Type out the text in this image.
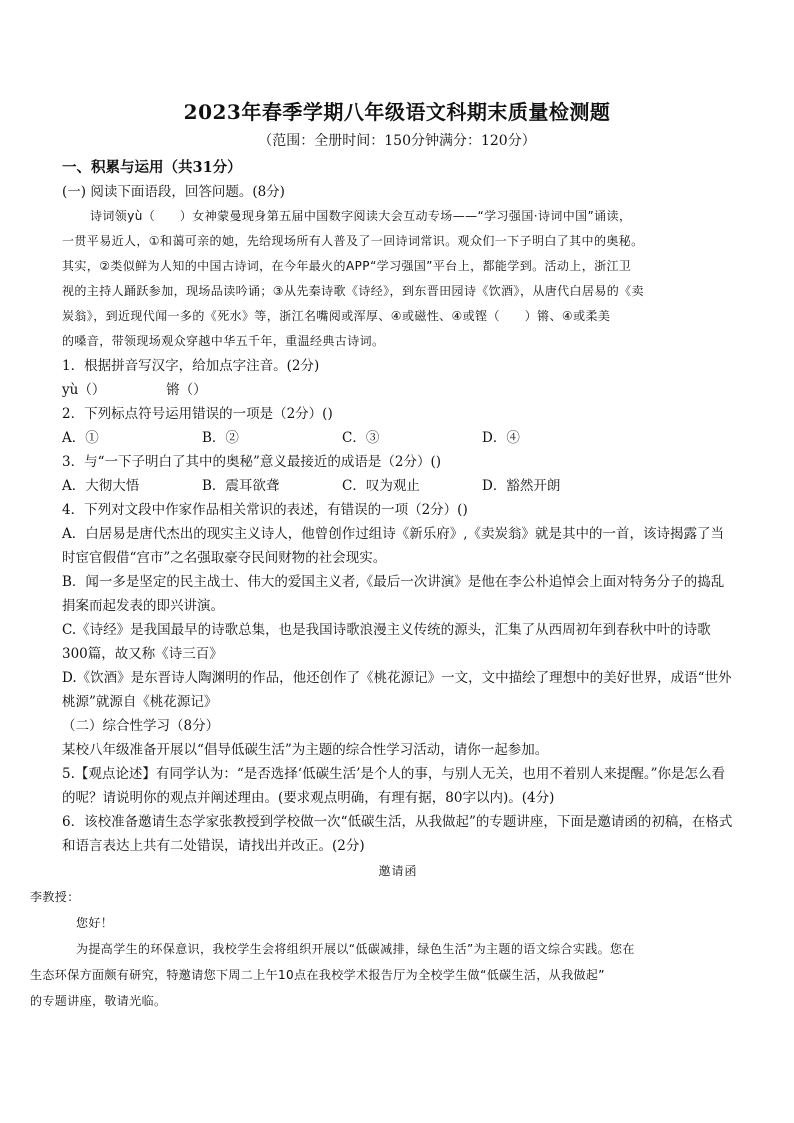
2023年春季学期八年级语文科期末质量检测题
（范围：全册时间：150分钟满分：120分）
一、积累与运用（共31分）
(一) 阅读下面语段，回答问题。(8分)
诗词领yù（　　）女神蒙曼现身第五届中国数字阅读大会互动专场——“学习强国·诗词中国”诵读，
一贯平易近人，①和蔼可亲的她，先给现场所有人普及了一回诗词常识。观众们一下子明白了其中的奥秘。
其实，②类似鲜为人知的中国古诗词，在今年最火的APP“学习强国”平台上，都能学到。活动上，浙江卫
视的主持人踊跃参加，现场品读吟诵；③从先秦诗歌《诗经》，到东晋田园诗《饮酒》，从唐代白居易的《卖
炭翁》，到近现代闻一多的《死水》等，浙江名嘴阅或浑厚、④或磁性、④或铿（　　）锵、④或柔美
的嗓音，带领现场观众穿越中华五千年，重温经典古诗词。
1．根据拼音写汉字，给加点字注音。(2分)
yù（）　　　　　锵（）
2．下列标点符号运用错误的一项是（2分）()
A．①	B．②	C．③	D．④
3．与“一下子明白了其中的奥秘”意义最接近的成语是（2分）()
A．大彻大悟	B．震耳欲聋	C．叹为观止	D．豁然开朗
4．下列对文段中作家作品相关常识的表述，有错误的一项（2分）()
A．白居易是唐代杰出的现实主义诗人，他曾创作过组诗《新乐府》,《卖炭翁》就是其中的一首，该诗揭露了当时宦官假借“宫市”之名强取豪夺民间财物的社会现实。
B．闻一多是坚定的民主战士、伟大的爱国主义者,《最后一次讲演》是他在李公朴追悼会上面对特务分子的捣乱捐案而起发表的即兴讲演。
C.《诗经》是我国最早的诗歌总集，也是我国诗歌浪漫主义传统的源头，汇集了从西周初年到春秋中叶的诗歌300篇，故又称《诗三百》
D.《饮酒》是东晋诗人陶渊明的作品，他还创作了《桃花源记》一文，文中描绘了理想中的美好世界，成语“世外桃源”就源自《桃花源记》
（二）综合性学习（8分）
某校八年级准备开展以“倡导低碳生活”为主题的综合性学习活动，请你一起参加。
5.【观点论述】有同学认为：“是否选择‘低碳生活’是个人的事，与别人无关，也用不着别人来提醒。”你是怎么看的呢？请说明你的观点并阐述理由。(要求观点明确，有理有据，80字以内)。(4分)
6．该校准备邀请生态学家张教授到学校做一次“低碳生活，从我做起”的专题讲座，下面是邀请函的初稿，在格式和语言表达上共有二处错误，请找出并改正。(2分)
邀请函
李教授：
您好！
为提高学生的环保意识，我校学生会将组织开展以“低碳减排，绿色生活”为主题的语文综合实践。您在
生态环保方面颇有研究，特邀请您下周二上午10点在我校学术报告厅为全校学生做“低碳生活，从我做起”
的专题讲座，敬请光临。
